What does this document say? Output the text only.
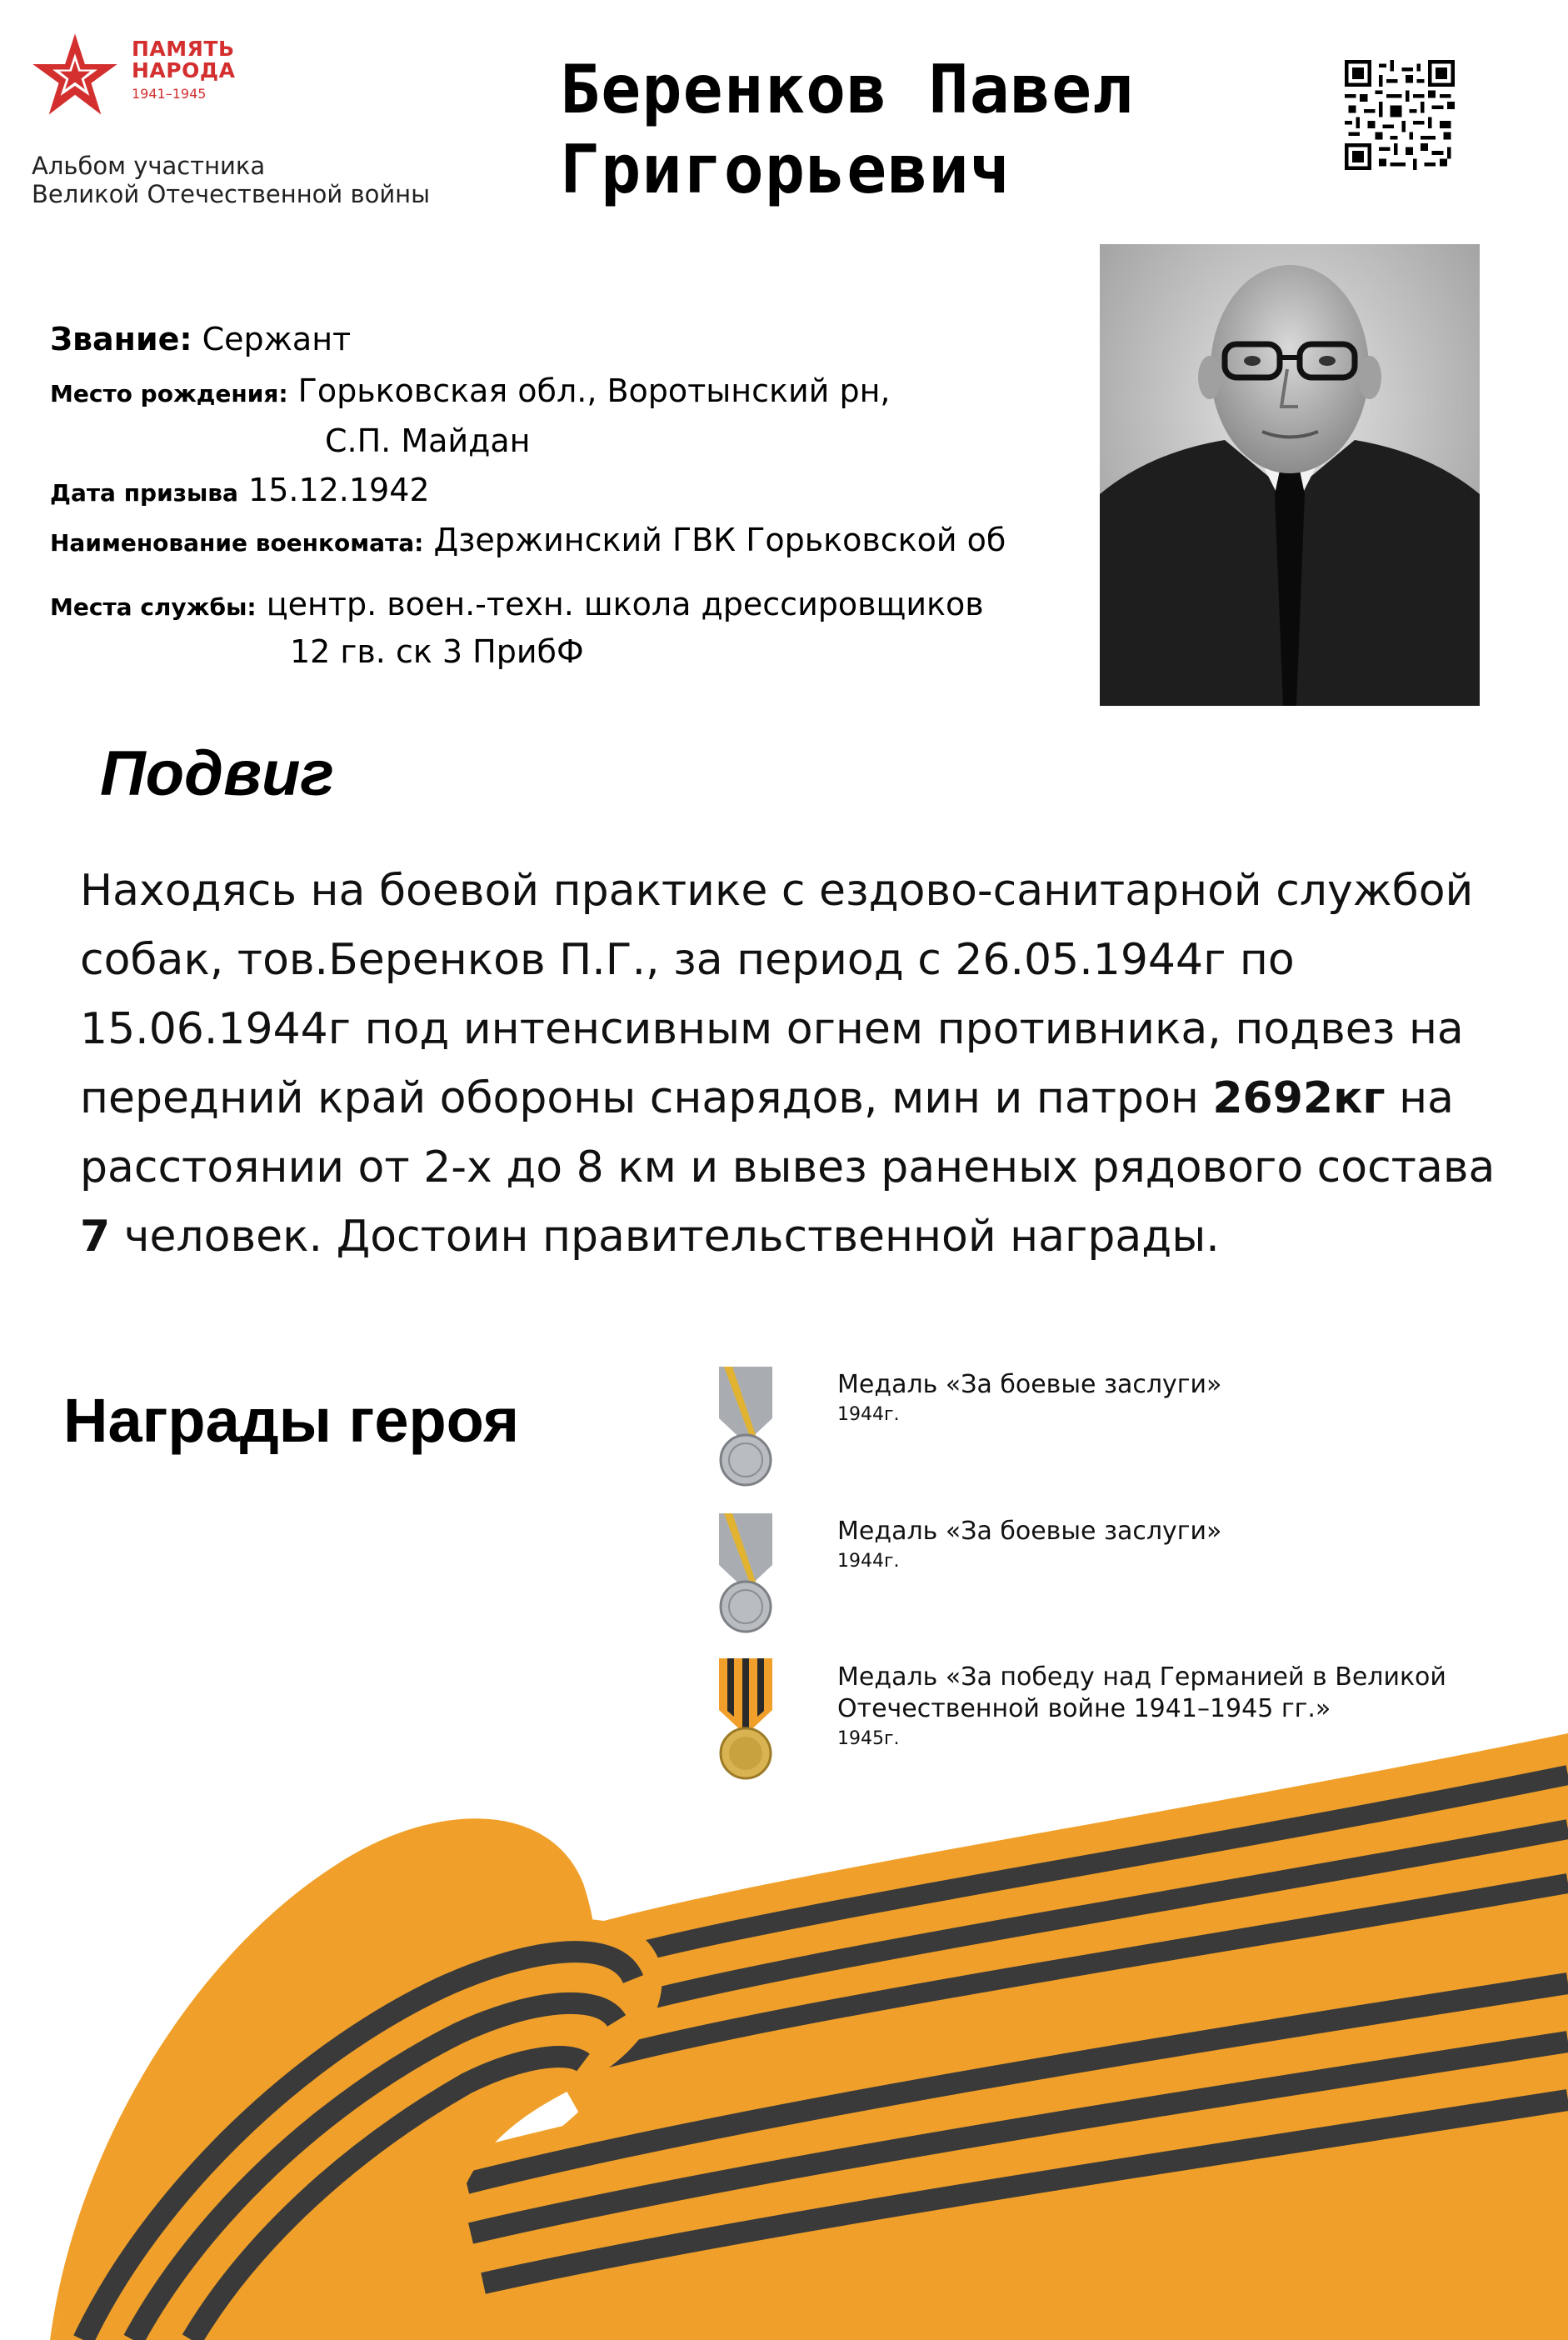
ПАМЯТЬ
НАРОДА
1941–1945
Альбом участника
Великой Отечественной войны
Беренков Павел
Григорьевич
Звание: Сержант
Место рождения: Горьковская обл., Воротынский рн,
С.П. Майдан
Дата призыва 15.12.1942
Наименование военкомата: Дзержинский ГВК Горьковской об
Места службы: центр. воен.-техн. школа дрессировщиков
12 гв. ск 3 ПрибФ
Подвиг
Находясь на боевой практике с ездово-санитарной службой собак, тов.Беренков П.Г., за период с 26.05.1944г по 15.06.1944г под интенсивным огнем противника, подвез на передний край обороны снарядов, мин и патрон 2692кг на расстоянии от 2-х до 8 км и вывез раненых рядового состава 7 человек. Достоин правительственной награды.
Награды героя
Медаль «За боевые заслуги»
1944г.
Медаль «За боевые заслуги»
1944г.
Медаль «За победу над Германией в Великой
Отечественной войне 1941–1945 гг.»
1945г.
